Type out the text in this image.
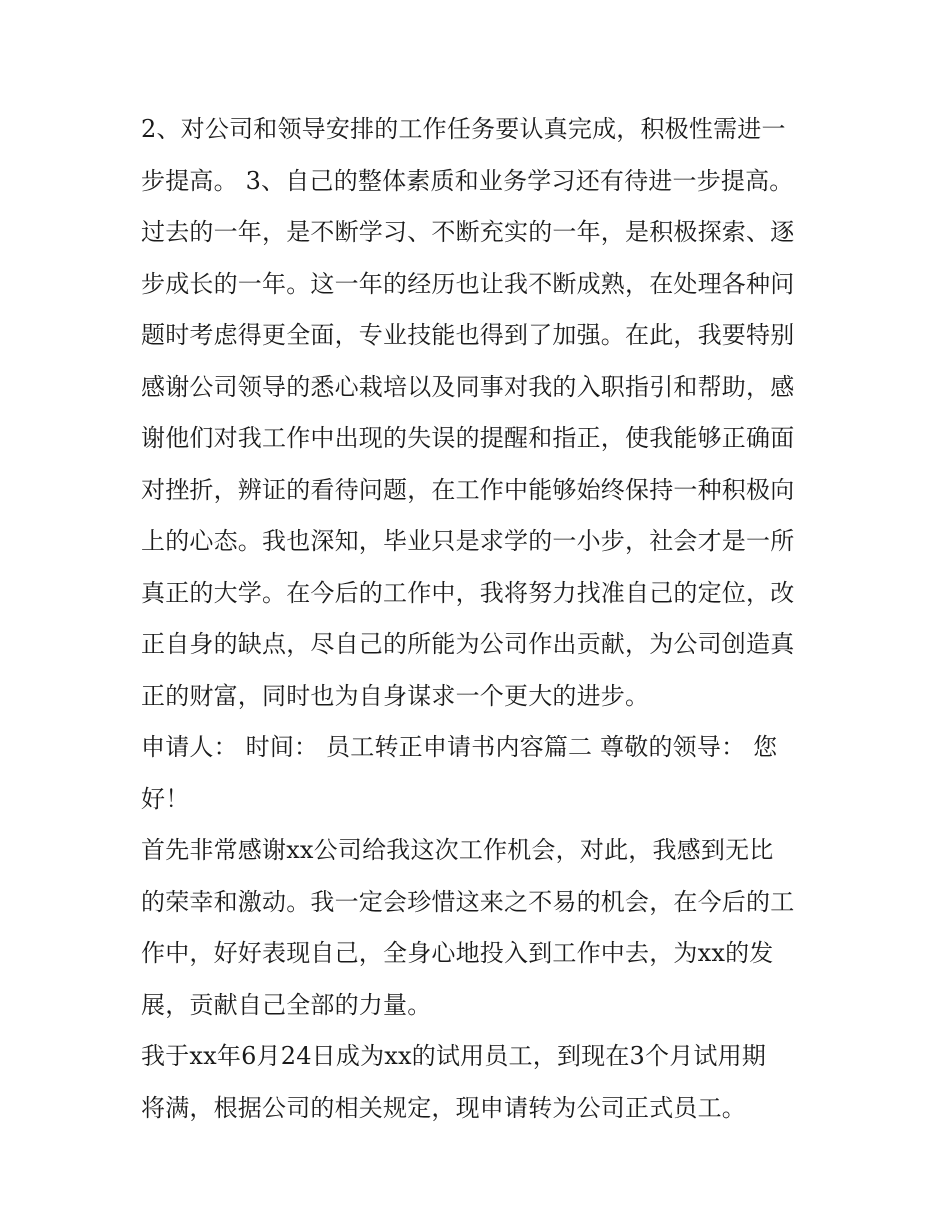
2、对公司和领导安排的工作任务要认真完成，积极性需进一
步提高。 3、自己的整体素质和业务学习还有待进一步提高。
过去的一年，是不断学习、不断充实的一年，是积极探索、逐
步成长的一年。这一年的经历也让我不断成熟，在处理各种问
题时考虑得更全面，专业技能也得到了加强。在此，我要特别
感谢公司领导的悉心栽培以及同事对我的入职指引和帮助，感
谢他们对我工作中出现的失误的提醒和指正，使我能够正确面
对挫折，辨证的看待问题，在工作中能够始终保持一种积极向
上的心态。我也深知，毕业只是求学的一小步，社会才是一所
真正的大学。在今后的工作中，我将努力找准自己的定位，改
正自身的缺点，尽自己的所能为公司作出贡献，为公司创造真
正的财富，同时也为自身谋求一个更大的进步。
申请人： 时间： 员工转正申请书内容篇二 尊敬的领导： 您
好！
首先非常感谢xx公司给我这次工作机会，对此，我感到无比
的荣幸和激动。我一定会珍惜这来之不易的机会，在今后的工
作中，好好表现自己，全身心地投入到工作中去，为xx的发
展，贡献自己全部的力量。
我于xx年6月24日成为xx的试用员工，到现在3个月试用期
将满，根据公司的相关规定，现申请转为公司正式员工。
